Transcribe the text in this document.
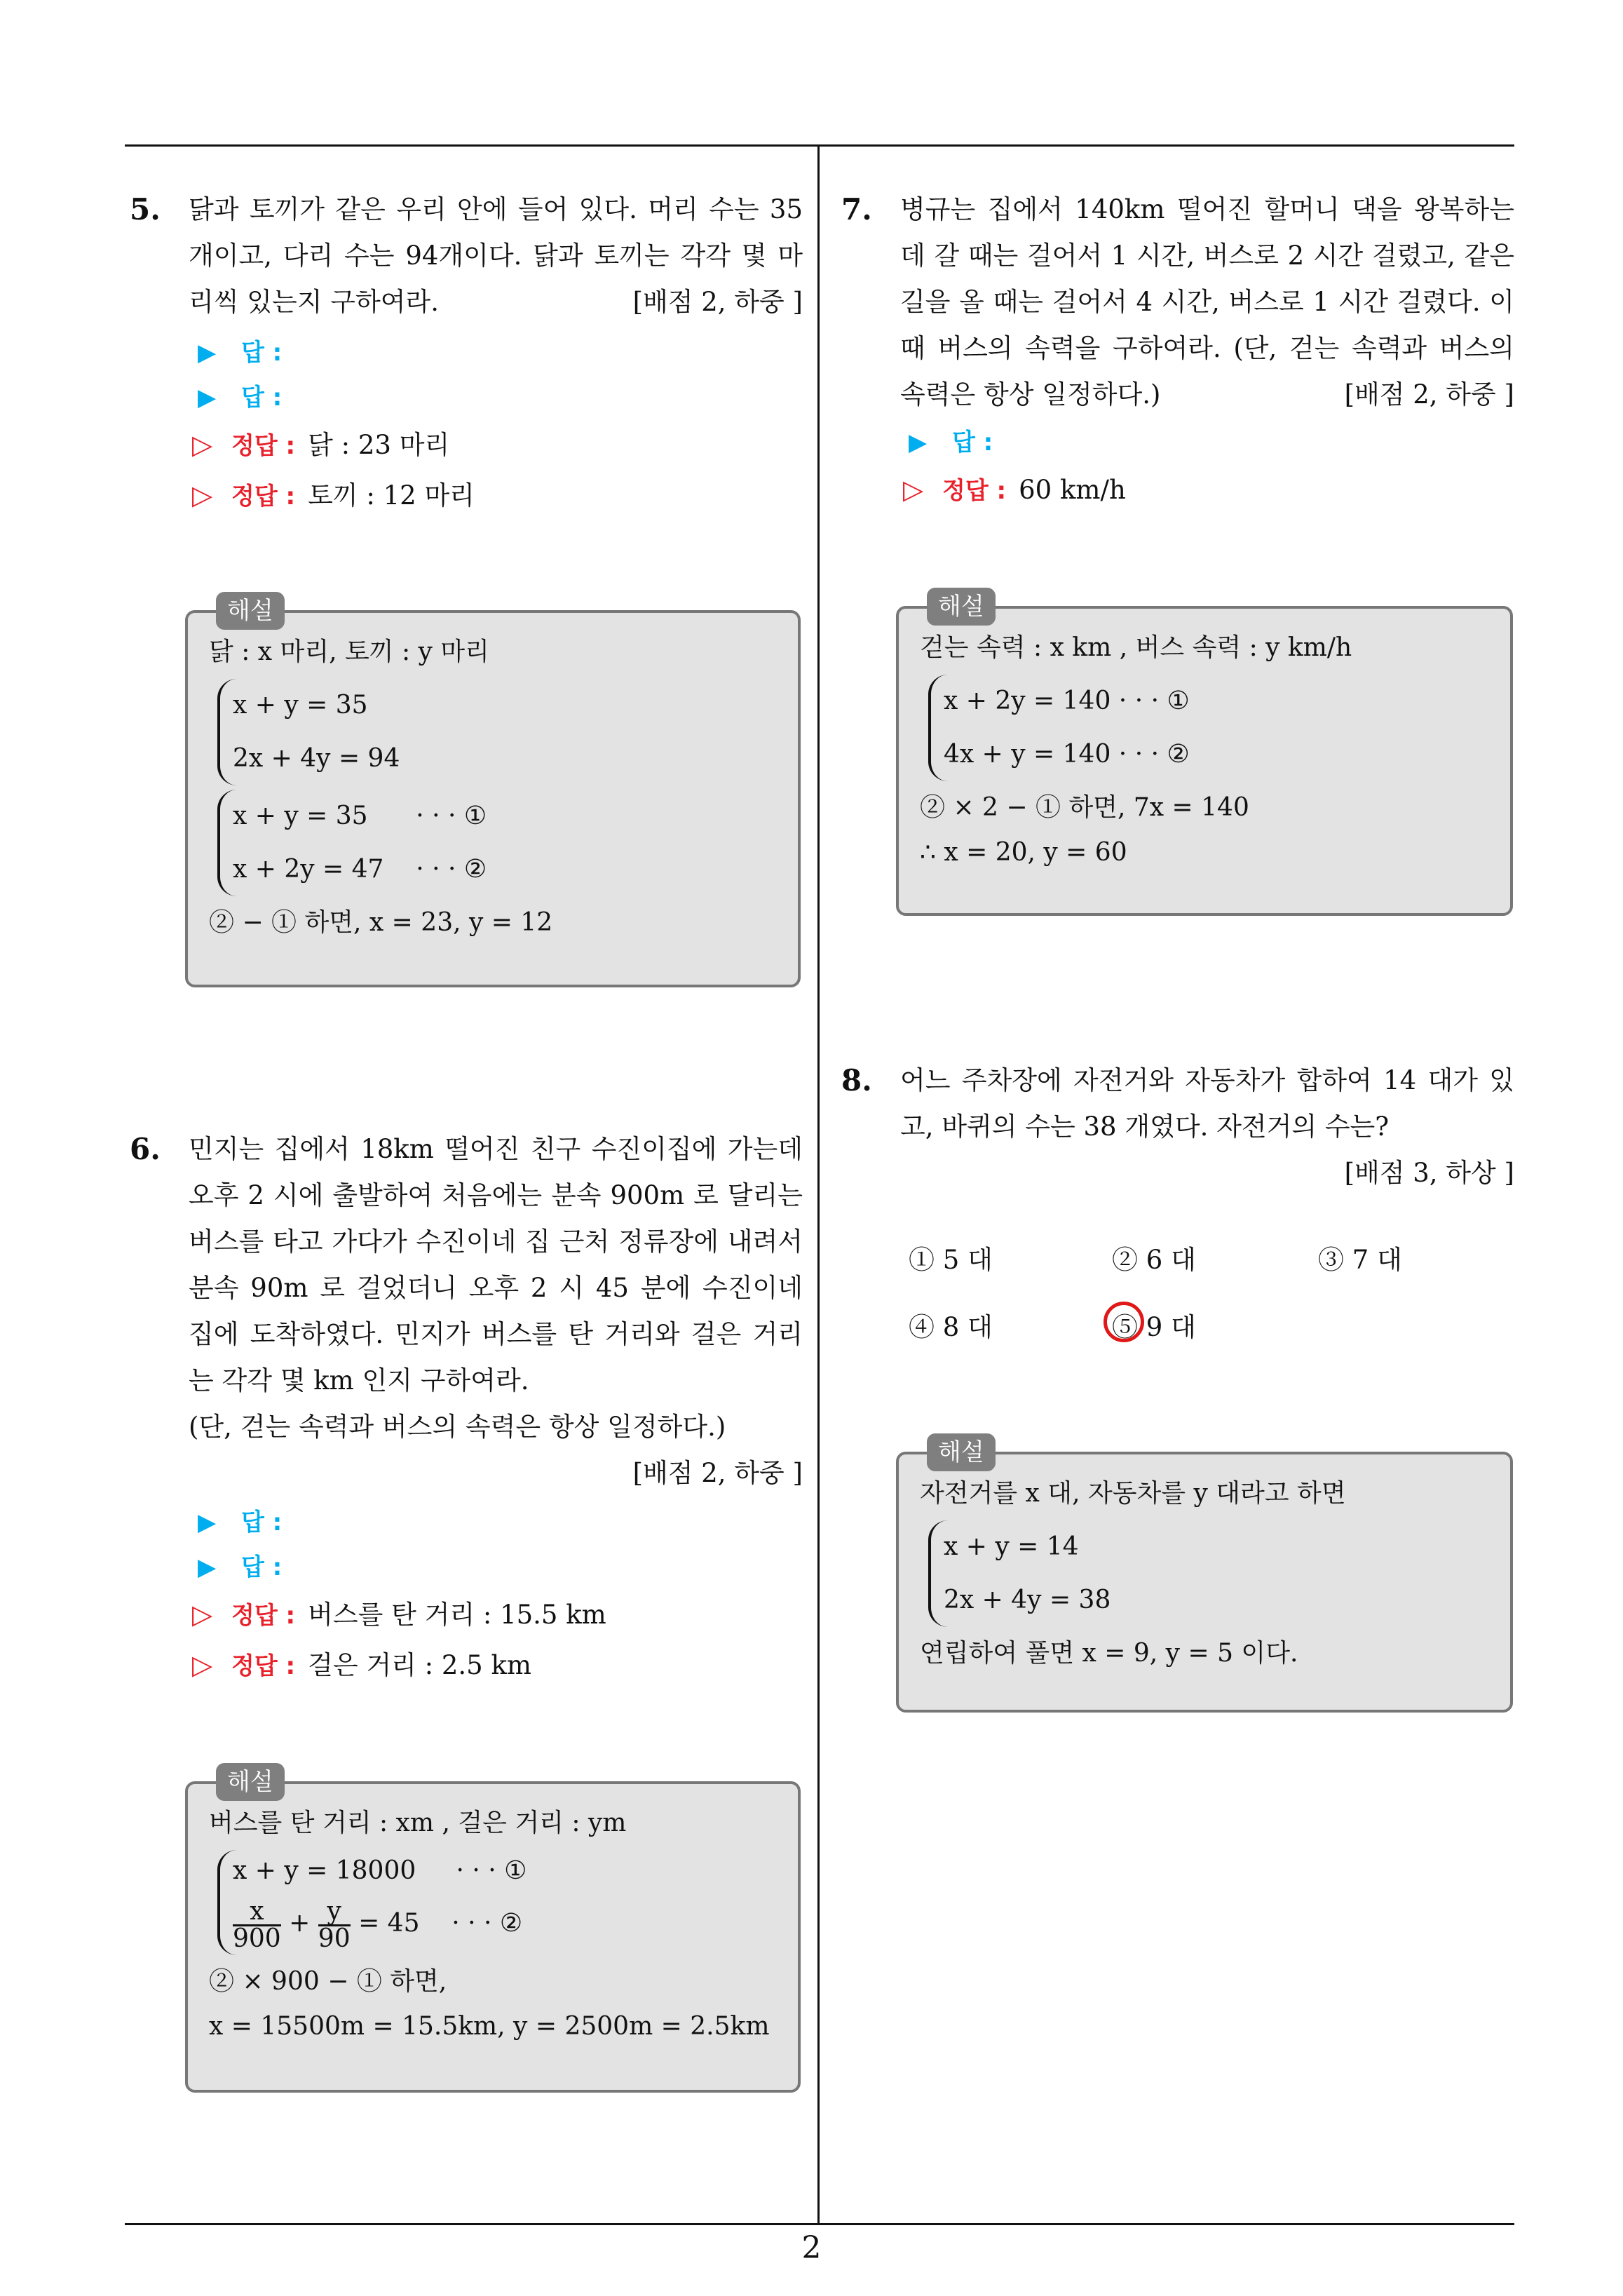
5. 닭과 토끼가 같은 우리 안에 들어 있다. 머리 수는 35 개이고, 다리 수는 94개이다. 닭과 토끼는 각각 몇 마리씩 있는지 구하여라.	[배점 2, 하중 ]
▶ 답 :
▶ 답 :
▷ 정답 : 닭 : 23 마리
▷ 정답 : 토끼 : 12 마리
해설
닭 : x 마리, 토끼 : y 마리
x + y = 35
2x + 4y = 94
x + y = 35      · · · ①
x + 2y = 47    · · · ②
② − ① 하면, x = 23, y = 12
6. 민지는 집에서 18km 떨어진 친구 수진이집에 가는데 오후 2 시에 출발하여 처음에는 분속 900m 로 달리는 버스를 타고 가다가 수진이네 집 근처 정류장에 내려서 분속 90m 로 걸었더니 오후 2 시 45 분에 수진이네 집에 도착하였다. 민지가 버스를 탄 거리와 걸은 거리는 각각 몇 km 인지 구하여라.
(단, 걷는 속력과 버스의 속력은 항상 일정하다.)
[배점 2, 하중 ]
▶ 답 :
▶ 답 :
▷ 정답 : 버스를 탄 거리 : 15.5 km
▷ 정답 : 걸은 거리 : 2.5 km
해설
버스를 탄 거리 : xm , 걸은 거리 : ym
x + y = 18000     · · · ①
$\frac{x}{900} + \frac{y}{90} = 45$    · · · ②
② × 900 − ① 하면,
x = 15500m = 15.5km, y = 2500m = 2.5km
7. 병규는 집에서 140km 떨어진 할머니 댁을 왕복하는데 갈 때는 걸어서 1 시간, 버스로 2 시간 걸렸고, 같은 길을 올 때는 걸어서 4 시간, 버스로 1 시간 걸렸다. 이 때 버스의 속력을 구하여라. (단, 걷는 속력과 버스의 속력은 항상 일정하다.)	[배점 2, 하중 ]
▶ 답 :
▷ 정답 : 60 km/h
해설
걷는 속력 : x km , 버스 속력 : y km/h
x + 2y = 140 · · · ①
4x + y = 140 · · · ②
② × 2 − ① 하면, 7x = 140
∴ x = 20, y = 60
8. 어느 주차장에 자전거와 자동차가 합하여 14 대가 있고, 바퀴의 수는 38 개였다. 자전거의 수는?
[배점 3, 하상 ]
① 5 대	② 6 대	③ 7 대
④ 8 대	⑤ 9 대
해설
자전거를 x 대, 자동차를 y 대라고 하면
x + y = 14
2x + 4y = 38
연립하여 풀면 x = 9, y = 5 이다.
2
